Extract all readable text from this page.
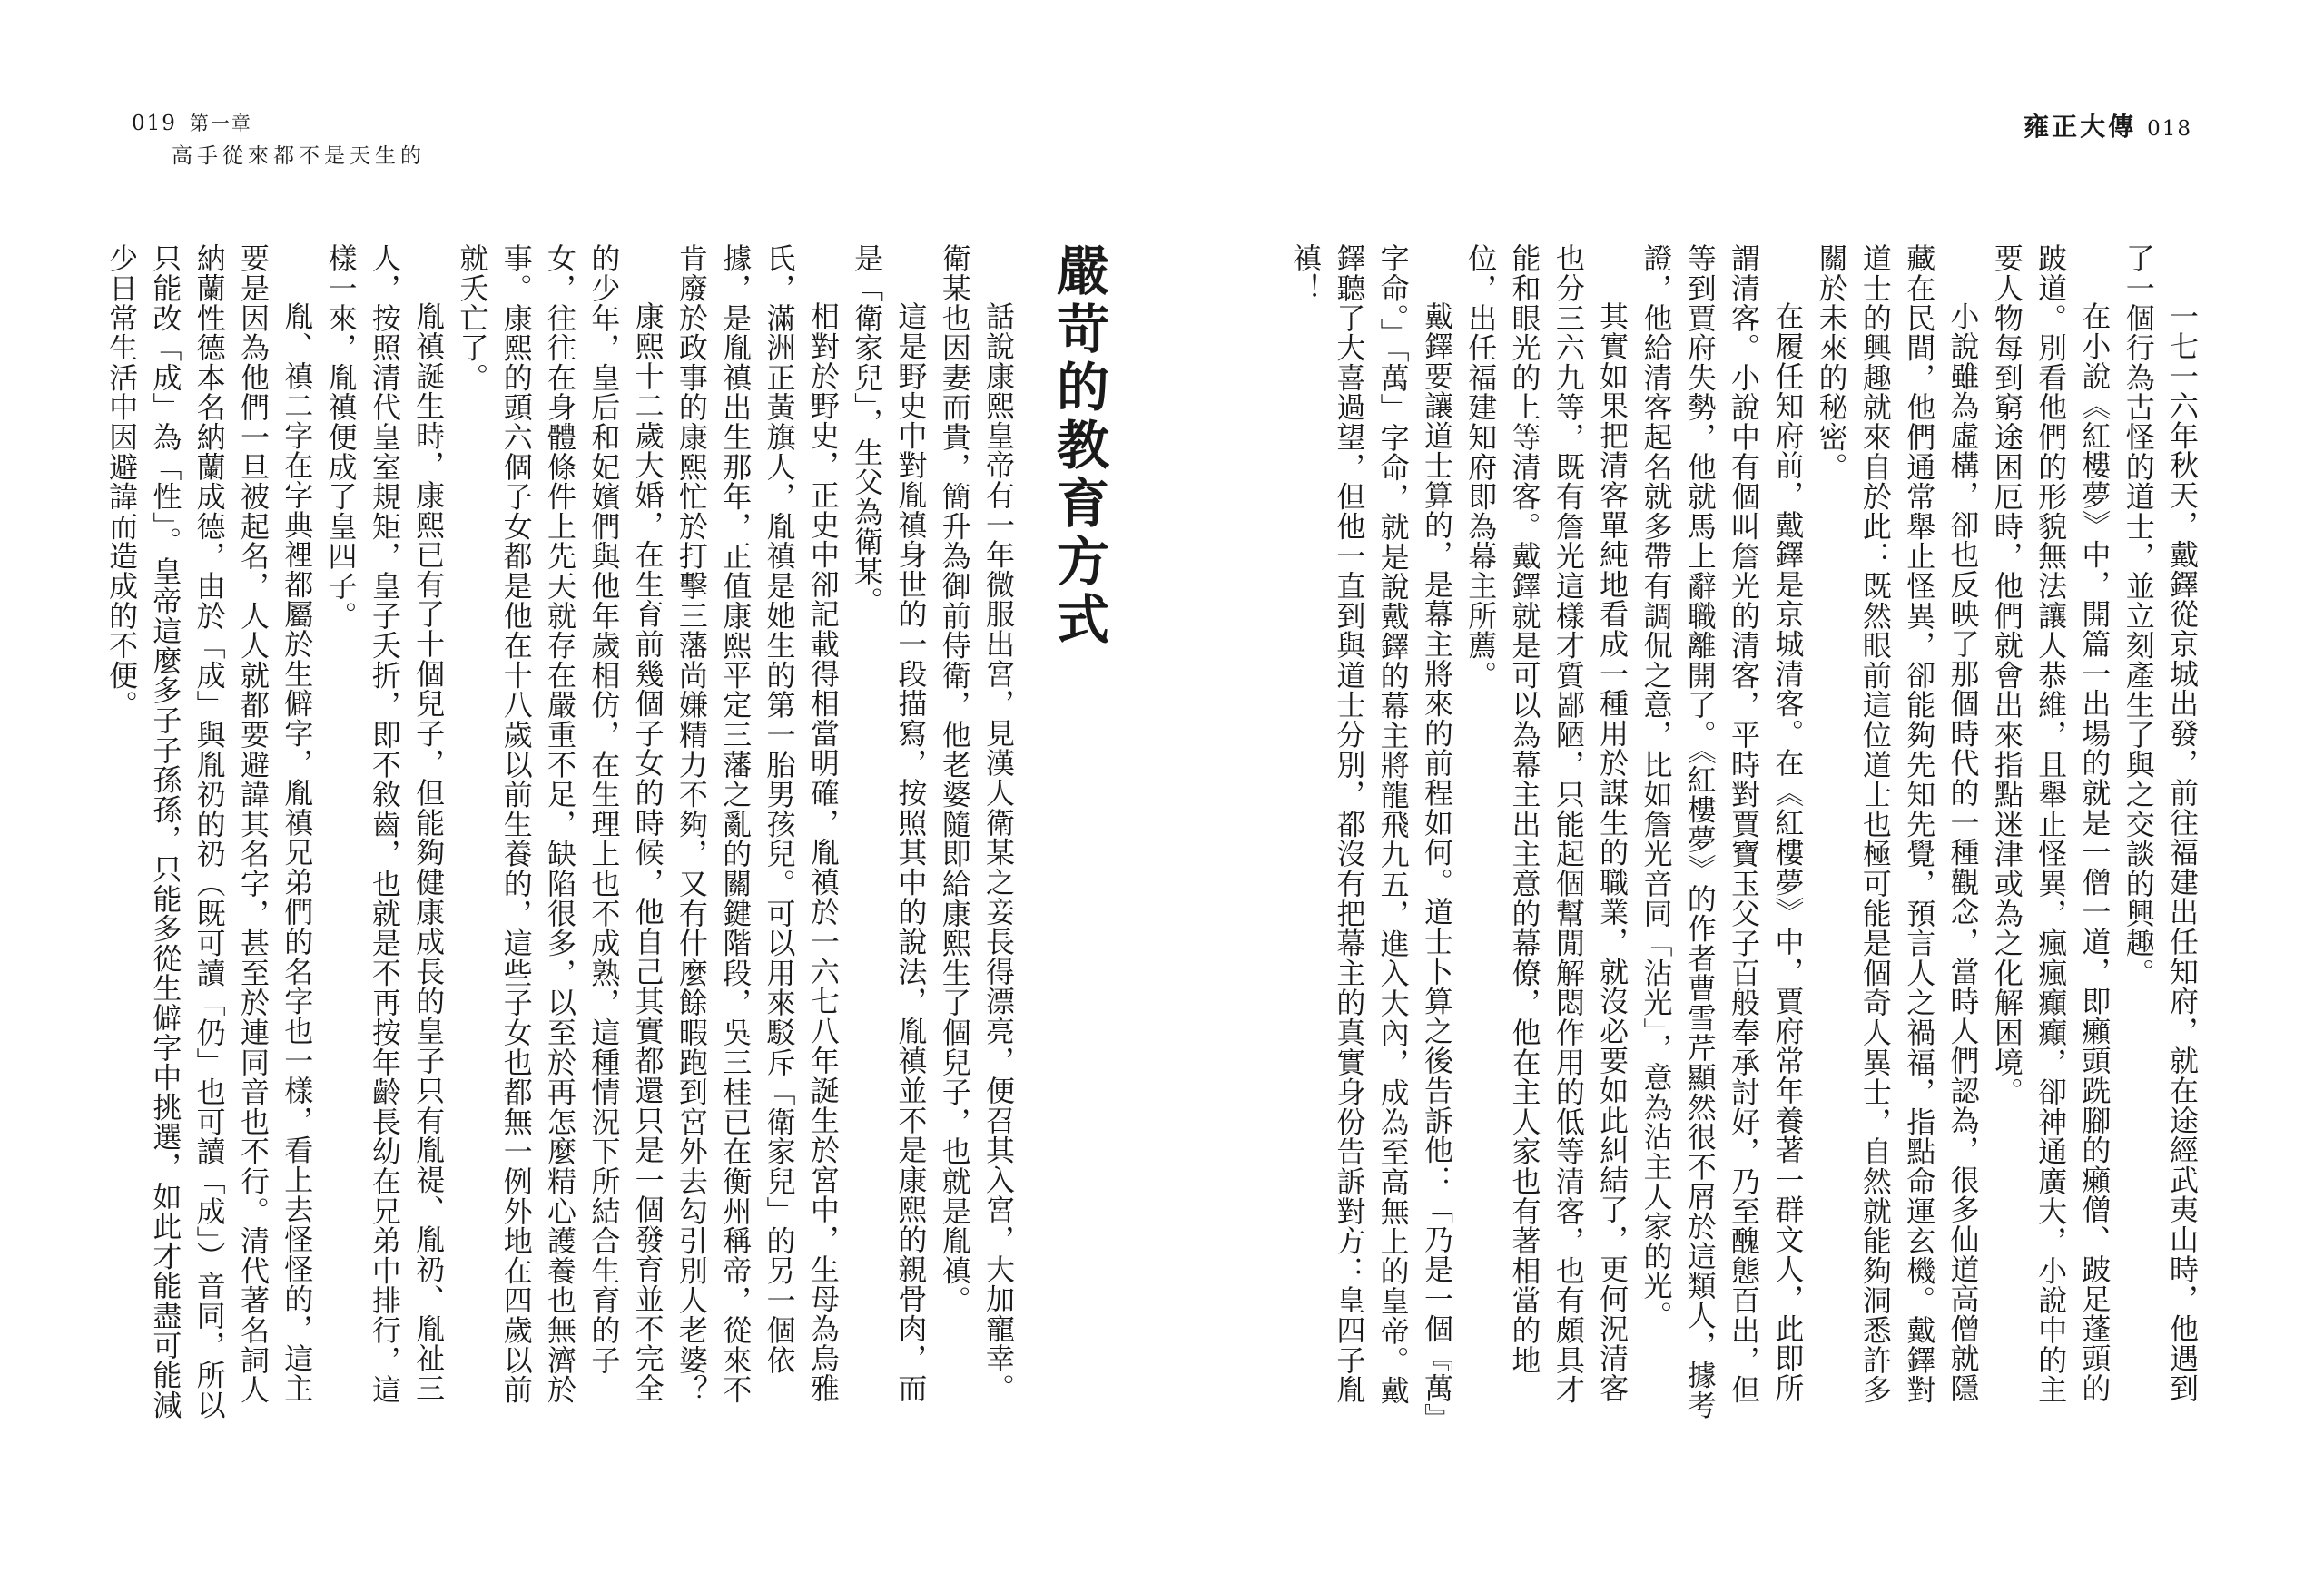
019 第一章
高手從來都不是天生的
雍正大傳 018

一七一六年秋天，戴鐸從京城出發，前往福建出任知府，就在途經武夷山時，他遇到了一個行為古怪的道士，並立刻產生了與之交談的興趣。

在小說《紅樓夢》中，開篇一出場的就是一僧一道，即癩頭跣腳的癩僧、跛足蓬頭的跛道。別看他們的形貌無法讓人恭維，且舉止怪異，瘋瘋癲癲，卻神通廣大，小說中的主要人物每到窮途困厄時，他們就會出來指點迷津或為之化解困境。

小說雖為虛構，卻也反映了那個時代的一種觀念，當時人們認為，很多仙道高僧就隱藏在民間，他們通常舉止怪異，卻能夠先知先覺，預言人之禍福，指點命運玄機。戴鐸對道士的興趣就來自於此：既然眼前這位道士也極可能是個奇人異士，自然就能夠洞悉許多關於未來的秘密。

在履任知府前，戴鐸是京城清客。在《紅樓夢》中，賈府常年養著一群文人，此即所謂清客。小說中有個叫詹光的清客，平時對賈寶玉父子百般奉承討好，乃至醜態百出，但等到賈府失勢，他就馬上辭職離開了。《紅樓夢》的作者曹雪芹顯然很不屑於這類人，據考證，他給清客起名就多帶有調侃之意，比如詹光音同「沾光」，意為沾主人家的光。

其實如果把清客單純地看成一種用於謀生的職業，就沒必要如此糾結了，更何況清客也分三六九等，既有詹光這樣才質鄙陋，只能起個幫閒解悶作用的低等清客，也有頗具才能和眼光的上等清客。戴鐸就是可以為幕主出主意的幕僚，他在主人家也有著相當的地位，出任福建知府即為幕主所薦。

戴鐸要讓道士算的，是幕主將來的前程如何。道士卜算之後告訴他：「乃是一個『萬』字命。」「萬」字命，就是說戴鐸的幕主將龍飛九五，進入大內，成為至高無上的皇帝。戴鐸聽了大喜過望，但他一直到與道士分別，都沒有把幕主的真實身份告訴對方：皇四子胤禛！

嚴苛的教育方式

話說康熙皇帝有一年微服出宮，見漢人衛某之妾長得漂亮，便召其入宮，大加寵幸。衛某也因妻而貴，簡升為御前侍衛，他老婆隨即給康熙生了個兒子，也就是胤禛。

這是野史中對胤禛身世的一段描寫，按照其中的說法，胤禛並不是康熙的親骨肉，而是「衛家兒」，生父為衛某。

相對於野史，正史中卻記載得相當明確，胤禛於一六七八年誕生於宮中，生母為烏雅氏，滿洲正黃旗人，胤禛是她生的第一胎男孩兒。可以用來駁斥「衛家兒」的另一個依據，是胤禛出生那年，正值康熙平定三藩之亂的關鍵階段，吳三桂已在衡州稱帝，從來不肯廢於政事的康熙忙於打擊三藩尚嫌精力不夠，又有什麼餘暇跑到宮外去勾引別人老婆？

康熙十二歲大婚，在生育前幾個子女的時候，他自己其實都還只是一個發育並不完全的少年，皇后和妃嬪們與他年歲相仿，在生理上也不成熟，這種情況下所結合生育的子女，往往在身體條件上先天就存在嚴重不足，缺陷很多，以至於再怎麼精心護養也無濟於事。康熙的頭六個子女都是他在十八歲以前生養的，這些子女也都無一例外地在四歲以前就夭亡了。

胤禛誕生時，康熙已有了十個兒子，但能夠健康成長的皇子只有胤禔、胤礽、胤祉三人，按照清代皇室規矩，皇子夭折，即不敘齒，也就是不再按年齡長幼在兄弟中排行，這樣一來，胤禛便成了皇四子。

胤、禛二字在字典裡都屬於生僻字，胤禛兄弟們的名字也一樣，看上去怪怪的，這主要是因為他們一旦被起名，人人就都要避諱其名字，甚至於連同音也不行。清代著名詞人納蘭性德本名納蘭成德，由於「成」與胤礽的礽（既可讀「仍」也可讀「成」）音同，所以只能改「成」為「性」。皇帝這麼多子子孫孫，只能多從生僻字中挑選，如此才能盡可能減少日常生活中因避諱而造成的不便。
